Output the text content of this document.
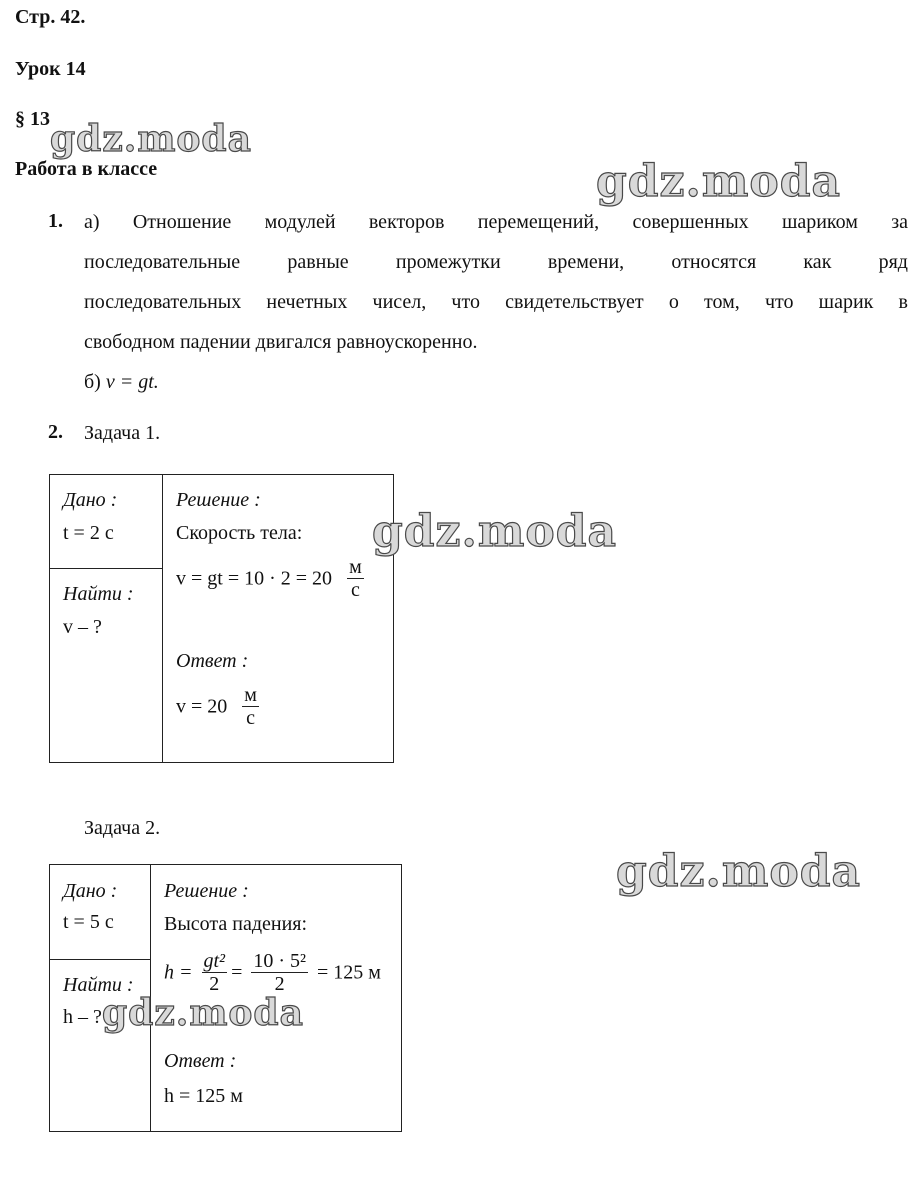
Стр. 42.
Урок 14
§ 13
Работа в классе
1. а) Отношение модулей векторов перемещений, совершенных шариком за
последовательные равные промежутки времени, относятся как ряд
последовательных нечетных чисел, что свидетельствует о том, что шарик в
свободном падении двигался равноускоренно.
б) v = gt.
2. Задача 1.
Дано :
t = 2 с
Найти :
v – ?
Решение :
Скорость тела:
v = gt = $10 \cdot 2 = 20 \frac{м}{с}$
Ответ :
$v = 20 \frac{м}{с}$
Задача 2.
Дано :
t = 5 с
Найти :
h – ?
Решение :
Высота падения:
$h = \frac{\text{gt²}}{2} = \frac{\text{10 · 5²}}{2} = 125$ м
Ответ :
h = 125 м
gdz.moda
gdz.moda
gdz.moda
gdz.moda
gdz.moda
